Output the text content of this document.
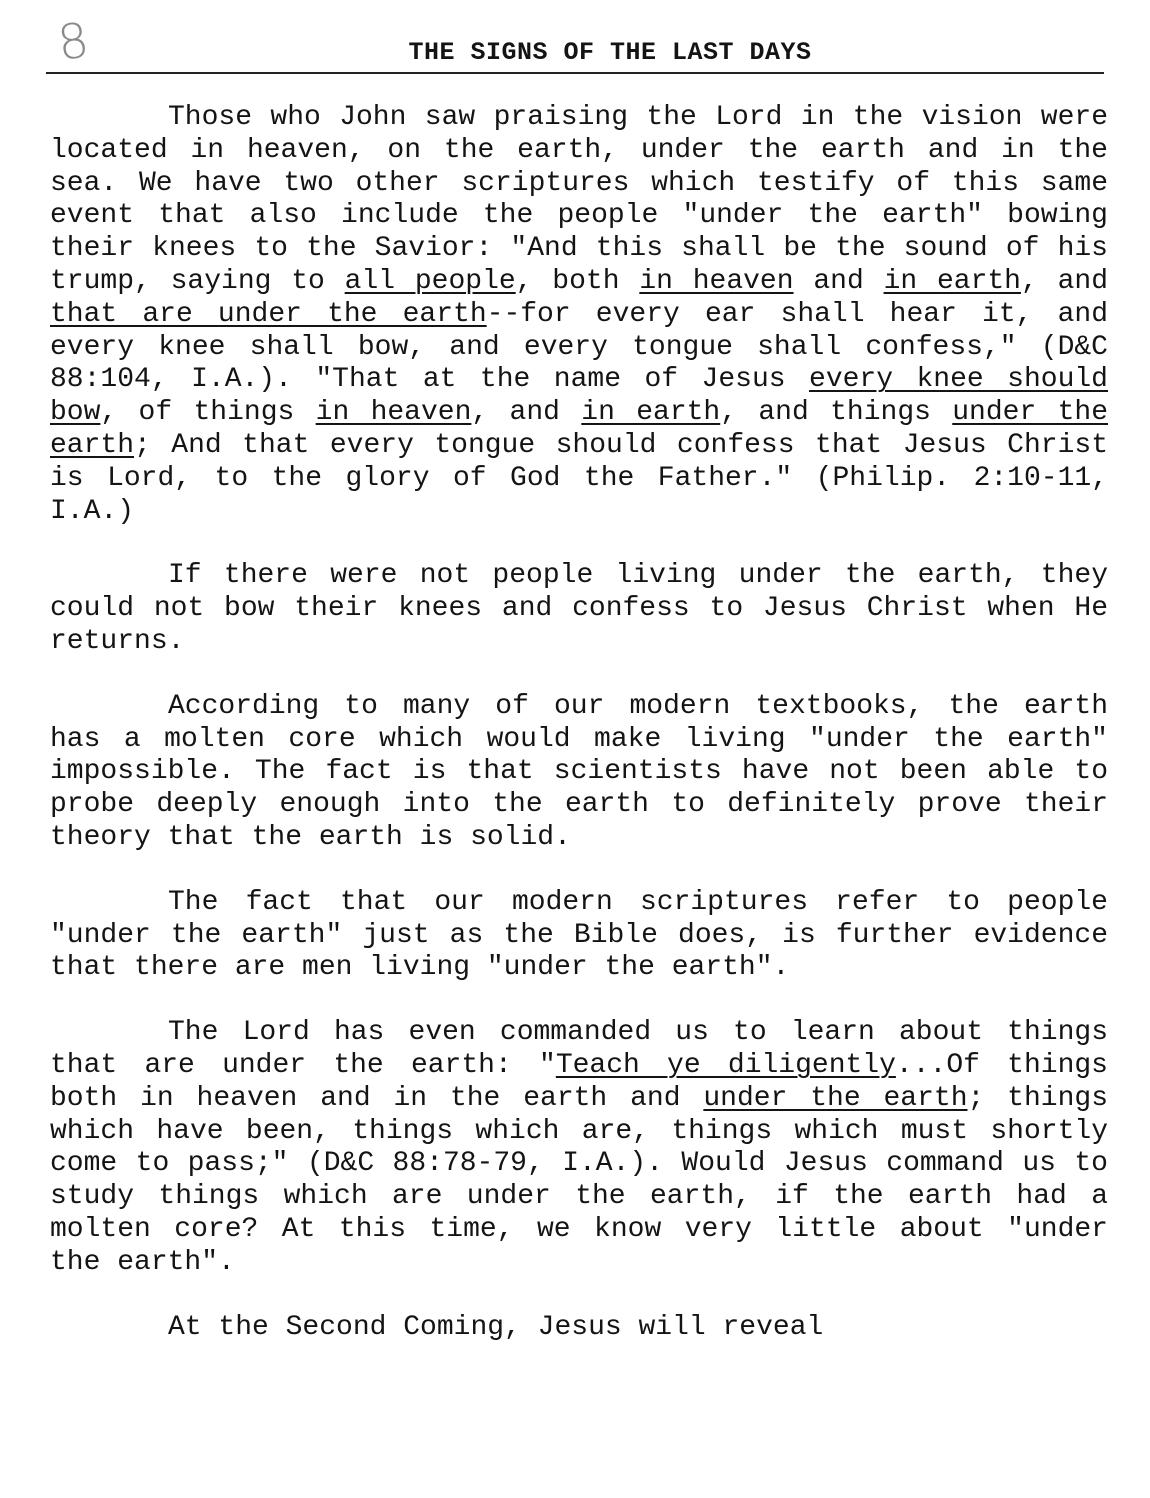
8	THE SIGNS OF THE LAST DAYS

Those who John saw praising the Lord in the vision were located in heaven, on the earth, under the earth and in the sea. We have two other scriptures which testify of this same event that also include the people "under the earth" bowing their knees to the Savior: "And this shall be the sound of his trump, saying to all people, both in heaven and in earth, and that are under the earth--for every ear shall hear it, and every knee shall bow, and every tongue shall confess," (D&C 88:104, I.A.). "That at the name of Jesus every knee should bow, of things in heaven, and in earth, and things under the earth; And that every tongue should confess that Jesus Christ is Lord, to the glory of God the Father." (Philip. 2:10-11, I.A.)

If there were not people living under the earth, they could not bow their knees and confess to Jesus Christ when He returns.

According to many of our modern textbooks, the earth has a molten core which would make living "under the earth" impossible. The fact is that scientists have not been able to probe deeply enough into the earth to definitely prove their theory that the earth is solid.

The fact that our modern scriptures refer to people "under the earth" just as the Bible does, is further evidence that there are men living "under the earth".

The Lord has even commanded us to learn about things that are under the earth: "Teach ye diligently...Of things both in heaven and in the earth and under the earth; things which have been, things which are, things which must shortly come to pass;" (D&C 88:78-79, I.A.). Would Jesus command us to study things which are under the earth, if the earth had a molten core? At this time, we know very little about "under the earth".

At the Second Coming, Jesus will reveal
